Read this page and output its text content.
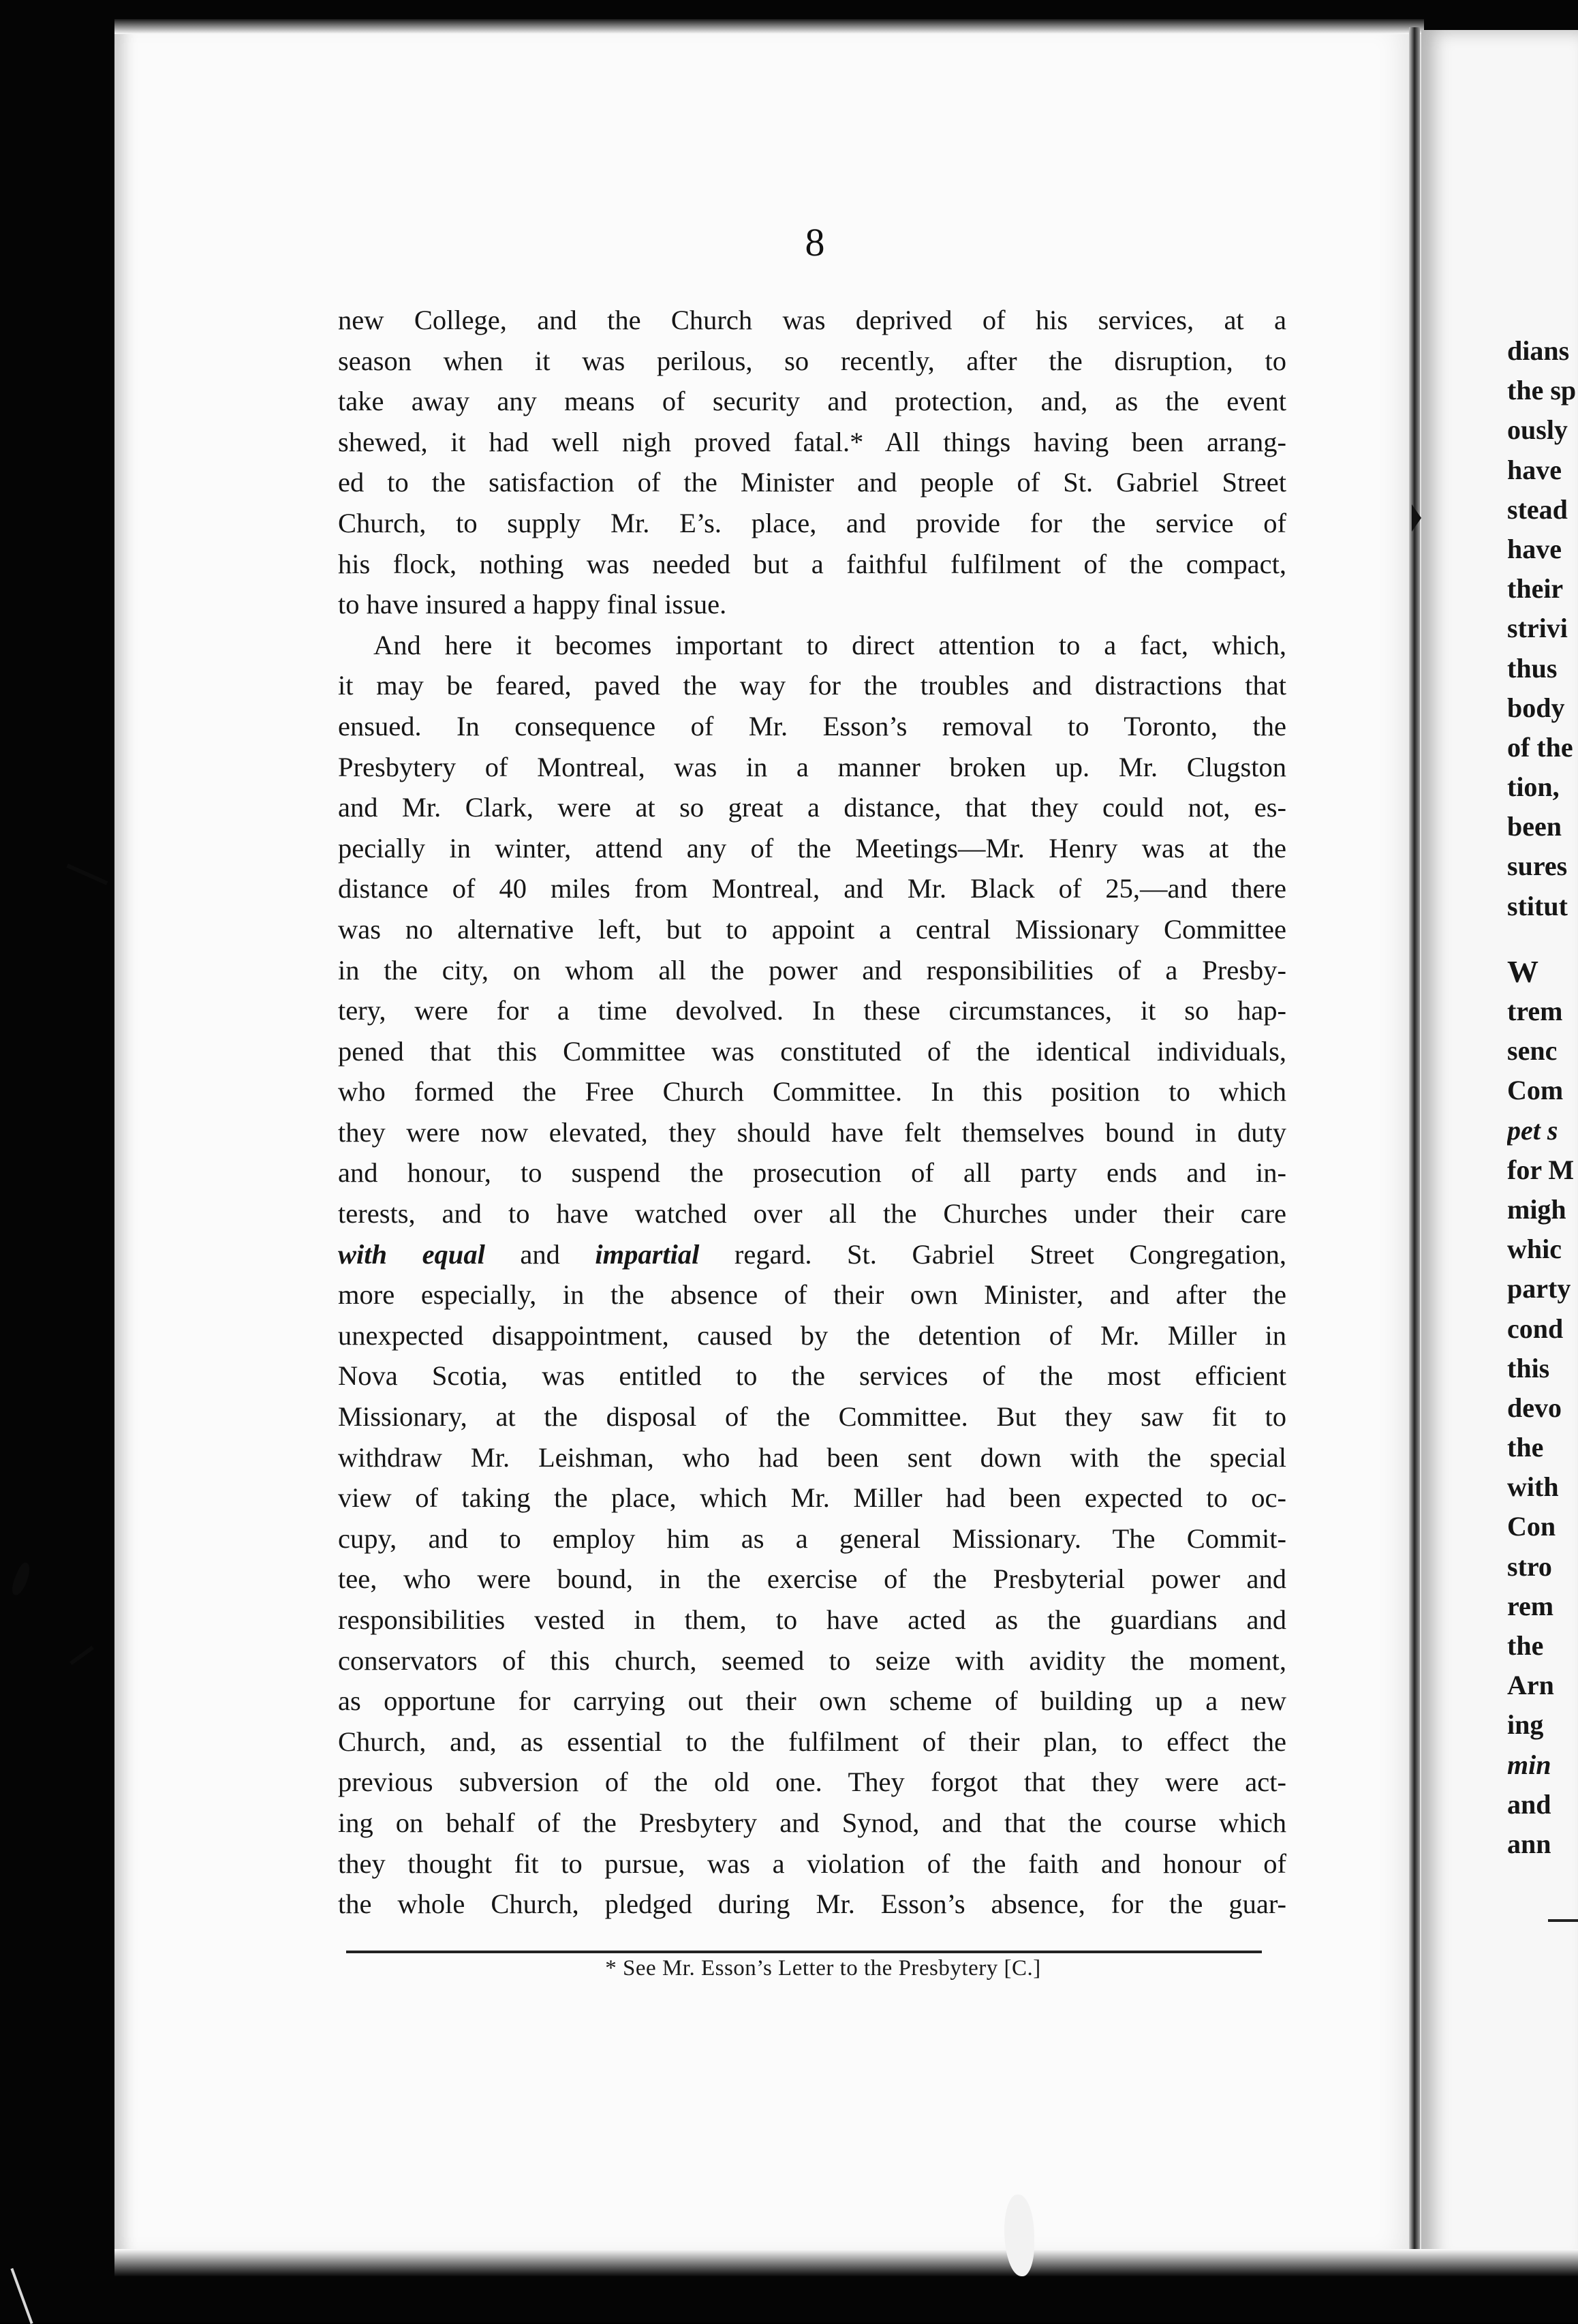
8
new College, and the Church was deprived of his services, at a
season when it was perilous, so recently, after the disruption, to
take away any means of security and protection, and, as the event
shewed, it had well nigh proved fatal.* All things having been arrang-
ed to the satisfaction of the Minister and people of St. Gabriel Street
Church, to supply Mr. E’s. place, and provide for the service of
his flock, nothing was needed but a faithful fulfilment of the compact,
to have insured a happy final issue.
And here it becomes important to direct attention to a fact, which,
it may be feared, paved the way for the troubles and distractions that
ensued. In consequence of Mr. Esson’s removal to Toronto, the
Presbytery of Montreal, was in a manner broken up. Mr. Clugston
and Mr. Clark, were at so great a distance, that they could not, es-
pecially in winter, attend any of the Meetings—Mr. Henry was at the
distance of 40 miles from Montreal, and Mr. Black of 25,—and there
was no alternative left, but to appoint a central Missionary Committee
in the city, on whom all the power and responsibilities of a Presby-
tery, were for a time devolved. In these circumstances, it so hap-
pened that this Committee was constituted of the identical individuals,
who formed the Free Church Committee. In this position to which
they were now elevated, they should have felt themselves bound in duty
and honour, to suspend the prosecution of all party ends and in-
terests, and to have watched over all the Churches under their care
with equal and impartial regard. St. Gabriel Street Congregation,
more especially, in the absence of their own Minister, and after the
unexpected disappointment, caused by the detention of Mr. Miller in
Nova Scotia, was entitled to the services of the most efficient
Missionary, at the disposal of the Committee. But they saw fit to
withdraw Mr. Leishman, who had been sent down with the special
view of taking the place, which Mr. Miller had been expected to oc-
cupy, and to employ him as a general Missionary. The Commit-
tee, who were bound, in the exercise of the Presbyterial power and
responsibilities vested in them, to have acted as the guardians and
conservators of this church, seemed to seize with avidity the moment,
as opportune for carrying out their own scheme of building up a new
Church, and, as essential to the fulfilment of their plan, to effect the
previous subversion of the old one. They forgot that they were act-
ing on behalf of the Presbytery and Synod, and that the course which
they thought fit to pursue, was a violation of the faith and honour of
the whole Church, pledged during Mr. Esson’s absence, for the guar-
* See Mr. Esson’s Letter to the Presbytery [C.]
dians
the sp
ously
have
stead
have
their
strivi
thus
body
of the
tion,
been
sures
stitut
W
trem
senc
Com
pet s
for M
migh
whic
party
cond
this
devo
the
with
Con
stro
rem
the
Arn
ing
min
and
ann
